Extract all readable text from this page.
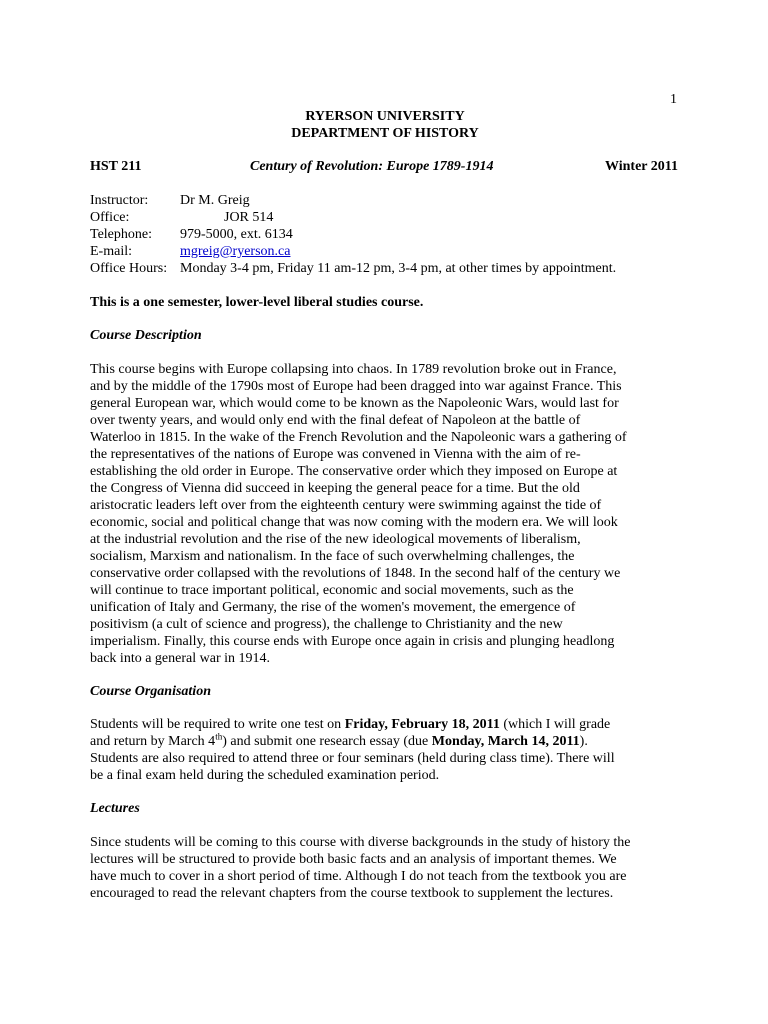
1
RYERSON UNIVERSITY
DEPARTMENT OF HISTORY
HST 211	Century of Revolution: Europe 1789-1914	Winter 2011
Instructor: Dr M. Greig
Office:	JOR 514
Telephone: 979-5000, ext. 6134
E-mail:	mgreig@ryerson.ca
Office Hours: Monday 3-4 pm, Friday 11 am-12 pm, 3-4 pm, at other times by appointment.
This is a one semester, lower-level liberal studies course.
Course Description
This course begins with Europe collapsing into chaos. In 1789 revolution broke out in France,
and by the middle of the 1790s most of Europe had been dragged into war against France. This
general European war, which would come to be known as the Napoleonic Wars, would last for
over twenty years, and would only end with the final defeat of Napoleon at the battle of
Waterloo in 1815. In the wake of the French Revolution and the Napoleonic wars a gathering of
the representatives of the nations of Europe was convened in Vienna with the aim of re-
establishing the old order in Europe. The conservative order which they imposed on Europe at
the Congress of Vienna did succeed in keeping the general peace for a time. But the old
aristocratic leaders left over from the eighteenth century were swimming against the tide of
economic, social and political change that was now coming with the modern era. We will look
at the industrial revolution and the rise of the new ideological movements of liberalism,
socialism, Marxism and nationalism. In the face of such overwhelming challenges, the
conservative order collapsed with the revolutions of 1848. In the second half of the century we
will continue to trace important political, economic and social movements, such as the
unification of Italy and Germany, the rise of the women's movement, the emergence of
positivism (a cult of science and progress), the challenge to Christianity and the new
imperialism. Finally, this course ends with Europe once again in crisis and plunging headlong
back into a general war in 1914.
Course Organisation
Students will be required to write one test on Friday, February 18, 2011 (which I will grade
and return by March 4th) and submit one research essay (due Monday, March 14, 2011).
Students are also required to attend three or four seminars (held during class time). There will
be a final exam held during the scheduled examination period.
Lectures
Since students will be coming to this course with diverse backgrounds in the study of history the
lectures will be structured to provide both basic facts and an analysis of important themes. We
have much to cover in a short period of time. Although I do not teach from the textbook you are
encouraged to read the relevant chapters from the course textbook to supplement the lectures.
